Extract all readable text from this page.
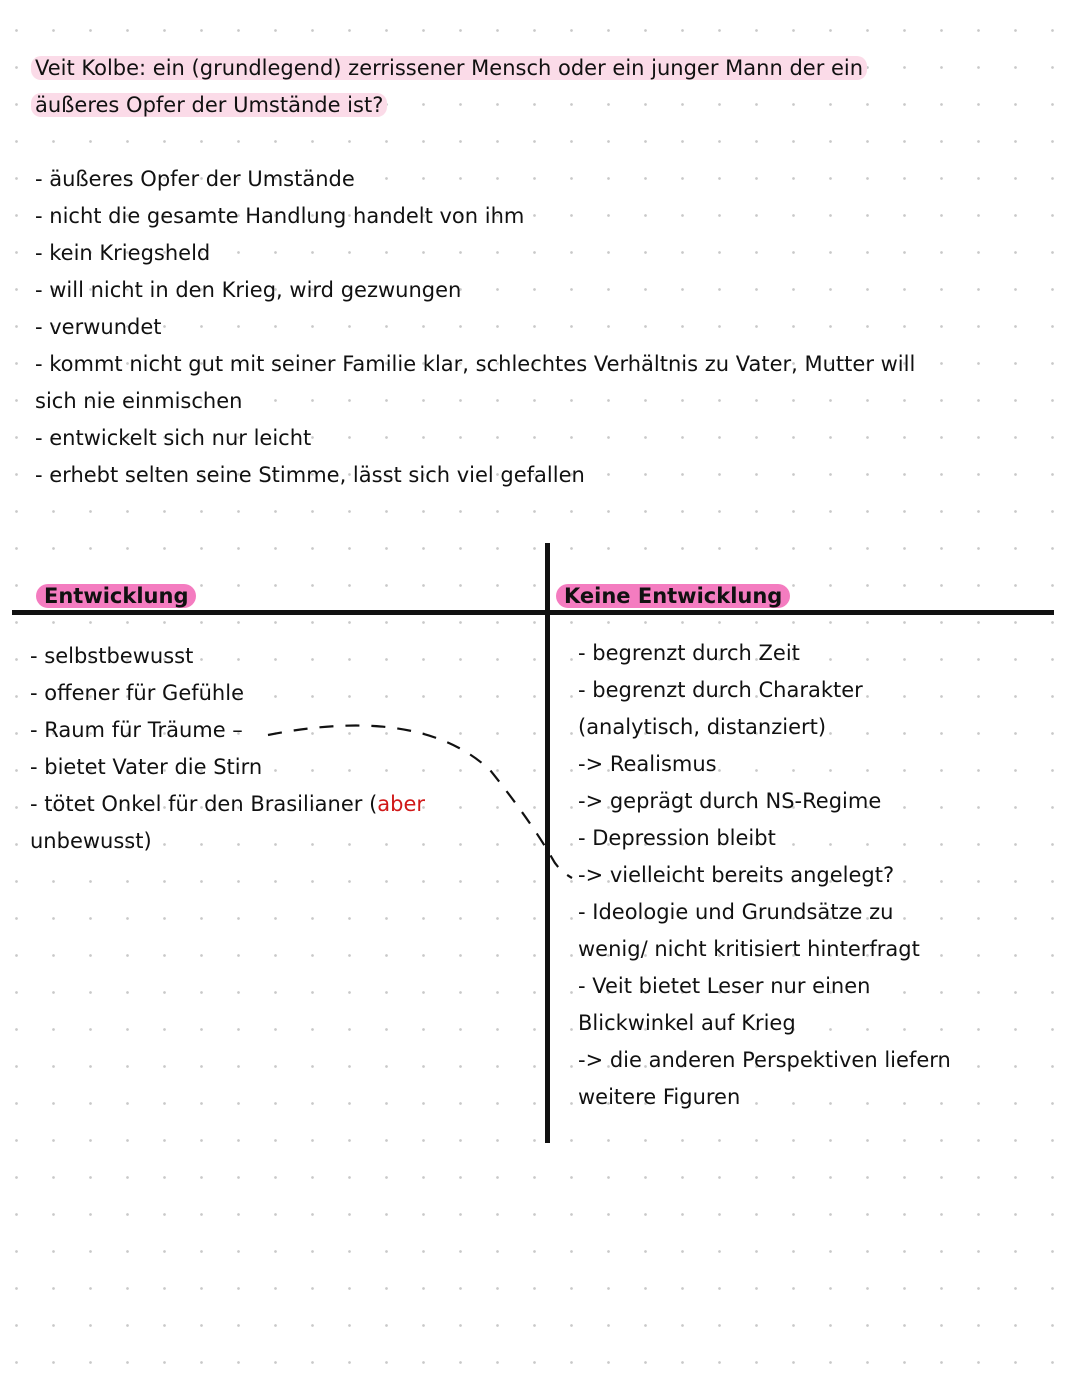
Veit Kolbe: ein (grundlegend) zerrissener Mensch oder ein junger Mann der ein
äußeres Opfer der Umstände ist?
- äußeres Opfer der Umstände
- nicht die gesamte Handlung handelt von ihm
- kein Kriegsheld
- will nicht in den Krieg, wird gezwungen
- verwundet
- kommt nicht gut mit seiner Familie klar, schlechtes Verhältnis zu Vater, Mutter will
sich nie einmischen
- entwickelt sich nur leicht
- erhebt selten seine Stimme, lässt sich viel gefallen
Entwicklung	Keine Entwicklung
- selbstbewusst
- offener für Gefühle
- Raum für Träume –
- bietet Vater die Stirn
- tötet Onkel für den Brasilianer (aber
unbewusst)
- begrenzt durch Zeit
- begrenzt durch Charakter
(analytisch, distanziert)
-> Realismus
-> geprägt durch NS-Regime
- Depression bleibt
-> vielleicht bereits angelegt?
- Ideologie und Grundsätze zu
wenig/ nicht kritisiert hinterfragt
- Veit bietet Leser nur einen
Blickwinkel auf Krieg
-> die anderen Perspektiven liefern
weitere Figuren
